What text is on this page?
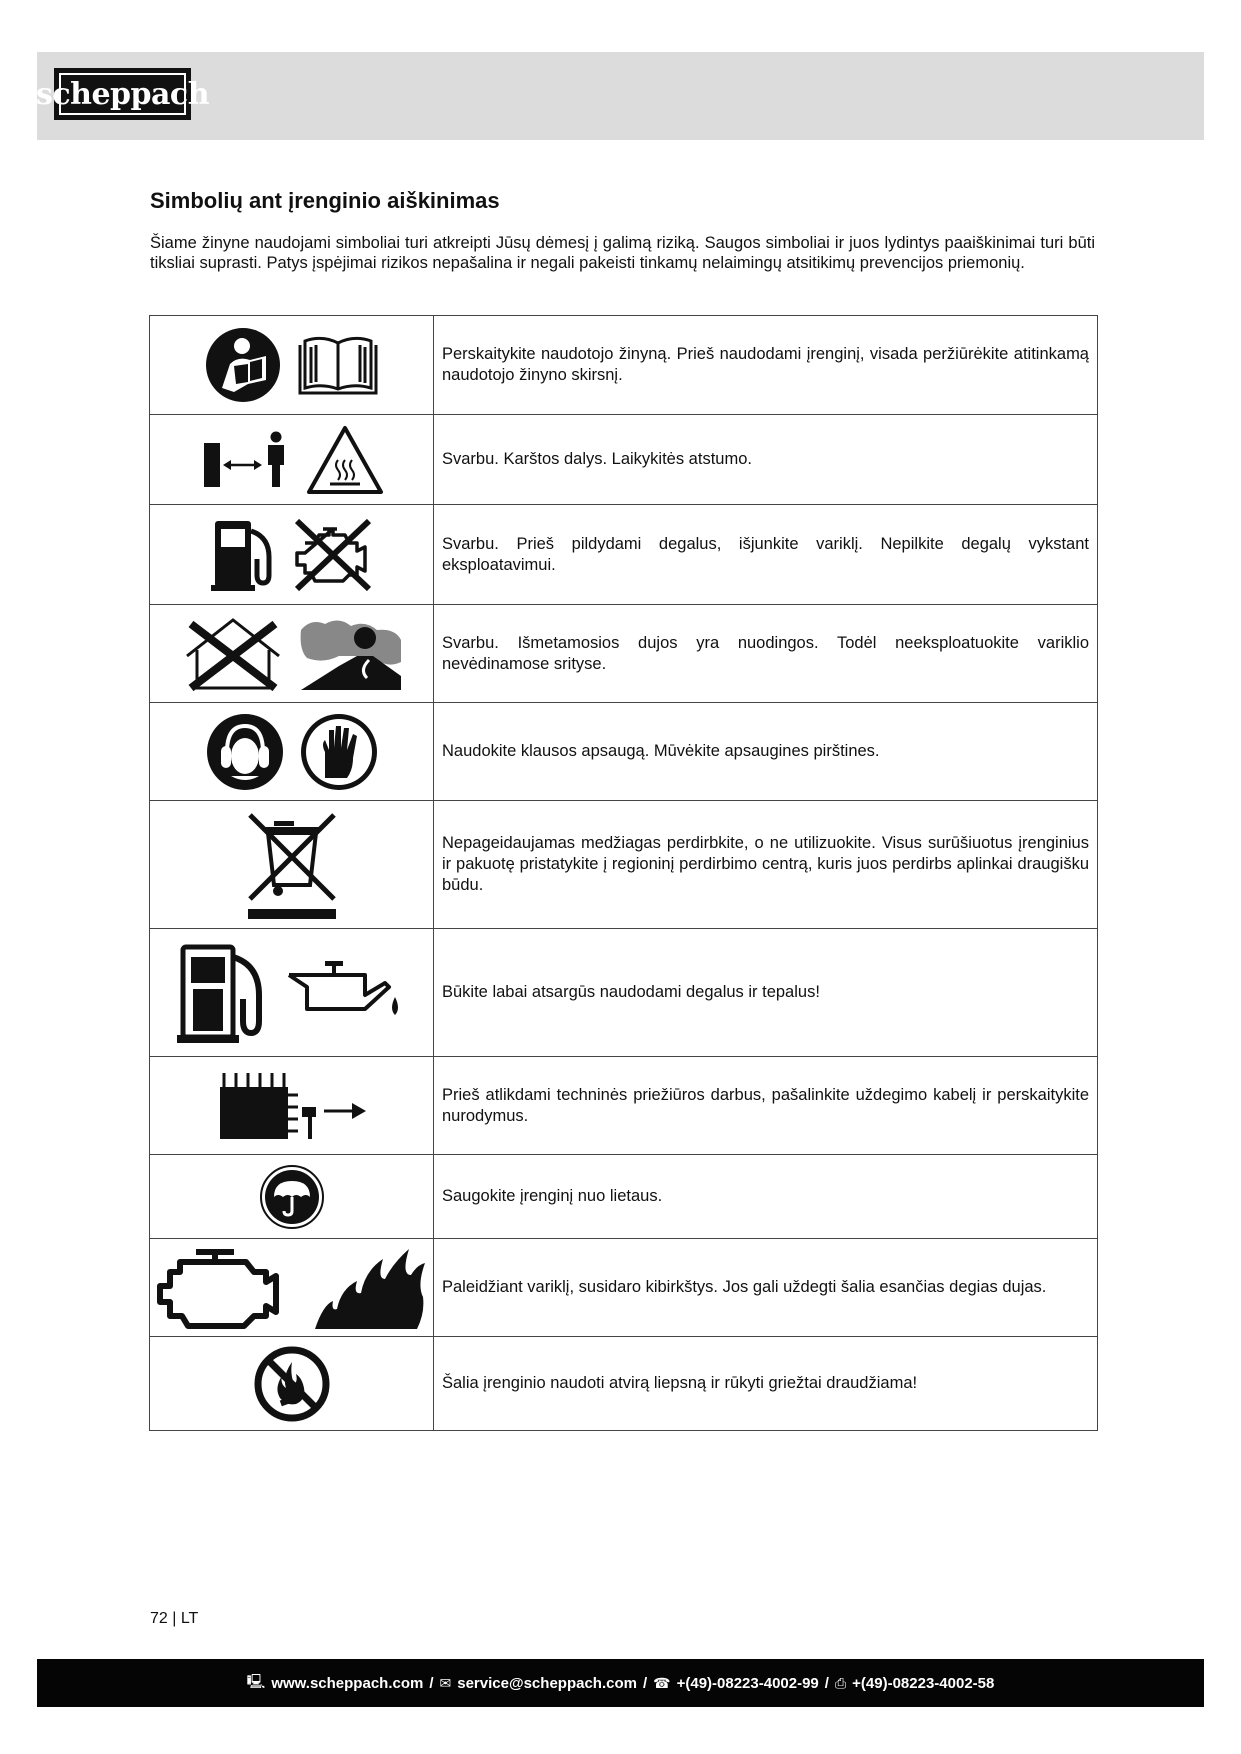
scheppach
Simbolių ant įrenginio aiškinimas

Šiame žinyne naudojami simboliai turi atkreipti Jūsų dėmesį į galimą riziką. Saugos simboliai ir juos lydintys paaiškinimai turi būti tiksliai suprasti. Patys įspėjimai rizikos nepašalina ir negali pakeisti tinkamų nelaimingų atsitikimų prevencijos priemonių.

	Perskaitykite naudotojo žinyną. Prieš naudodami įrenginį, visada peržiūrėkite atitinkamą naudotojo žinyno skirsnį.

	Svarbu. Karštos dalys. Laikykitės atstumo.

	Svarbu. Prieš pildydami degalus, išjunkite variklį. Nepilkite degalų vykstant eksploatavimui.

	Svarbu. Išmetamosios dujos yra nuodingos. Todėl neeksploatuokite variklio nevėdinamose srityse.

	Naudokite klausos apsaugą. Mūvėkite apsaugines pirštines.

	Nepageidaujamas medžiagas perdirbkite, o ne utilizuokite. Visus surūšiuotus įrenginius ir pakuotę pristatykite į regioninį perdirbimo centrą, kuris juos perdirbs aplinkai draugišku būdu.

	Būkite labai atsargūs naudodami degalus ir tepalus!

	Prieš atlikdami techninės priežiūros darbus, pašalinkite uždegimo kabelį ir perskaitykite nurodymus.

	Saugokite įrenginį nuo lietaus.

	Paleidžiant variklį, susidaro kibirkštys. Jos gali uždegti šalia esančias degias dujas.

	Šalia įrenginio naudoti atvirą liepsną ir rūkyti griežtai draudžiama!

72 | LT

🖳 www.scheppach.com / ✉ service@scheppach.com / ☎ +(49)-08223-4002-99 / ⎙ +(49)-08223-4002-58
